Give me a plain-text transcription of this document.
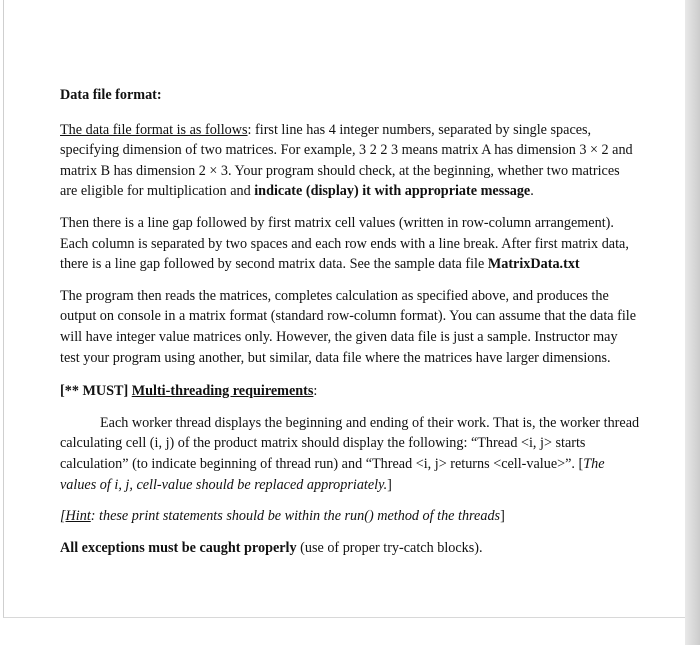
Data file format:

The data file format is as follows: first line has 4 integer numbers, separated by single spaces, specifying dimension of two matrices. For example, 3 2 2 3 means matrix A has dimension 3 × 2 and matrix B has dimension 2 × 3. Your program should check, at the beginning, whether two matrices are eligible for multiplication and indicate (display) it with appropriate message.

Then there is a line gap followed by first matrix cell values (written in row-column arrangement). Each column is separated by two spaces and each row ends with a line break. After first matrix data, there is a line gap followed by second matrix data. See the sample data file MatrixData.txt

The program then reads the matrices, completes calculation as specified above, and produces the output on console in a matrix format (standard row-column format). You can assume that the data file will have integer value matrices only. However, the given data file is just a sample. Instructor may test your program using another, but similar, data file where the matrices have larger dimensions.

[** MUST] Multi-threading requirements:

Each worker thread displays the beginning and ending of their work. That is, the worker thread calculating cell (i, j) of the product matrix should display the following: “Thread <i, j> starts calculation” (to indicate beginning of thread run) and “Thread <i, j> returns <cell-value>”. [The values of i, j, cell-value should be replaced appropriately.]

[Hint: these print statements should be within the run() method of the threads]

All exceptions must be caught properly (use of proper try-catch blocks).
